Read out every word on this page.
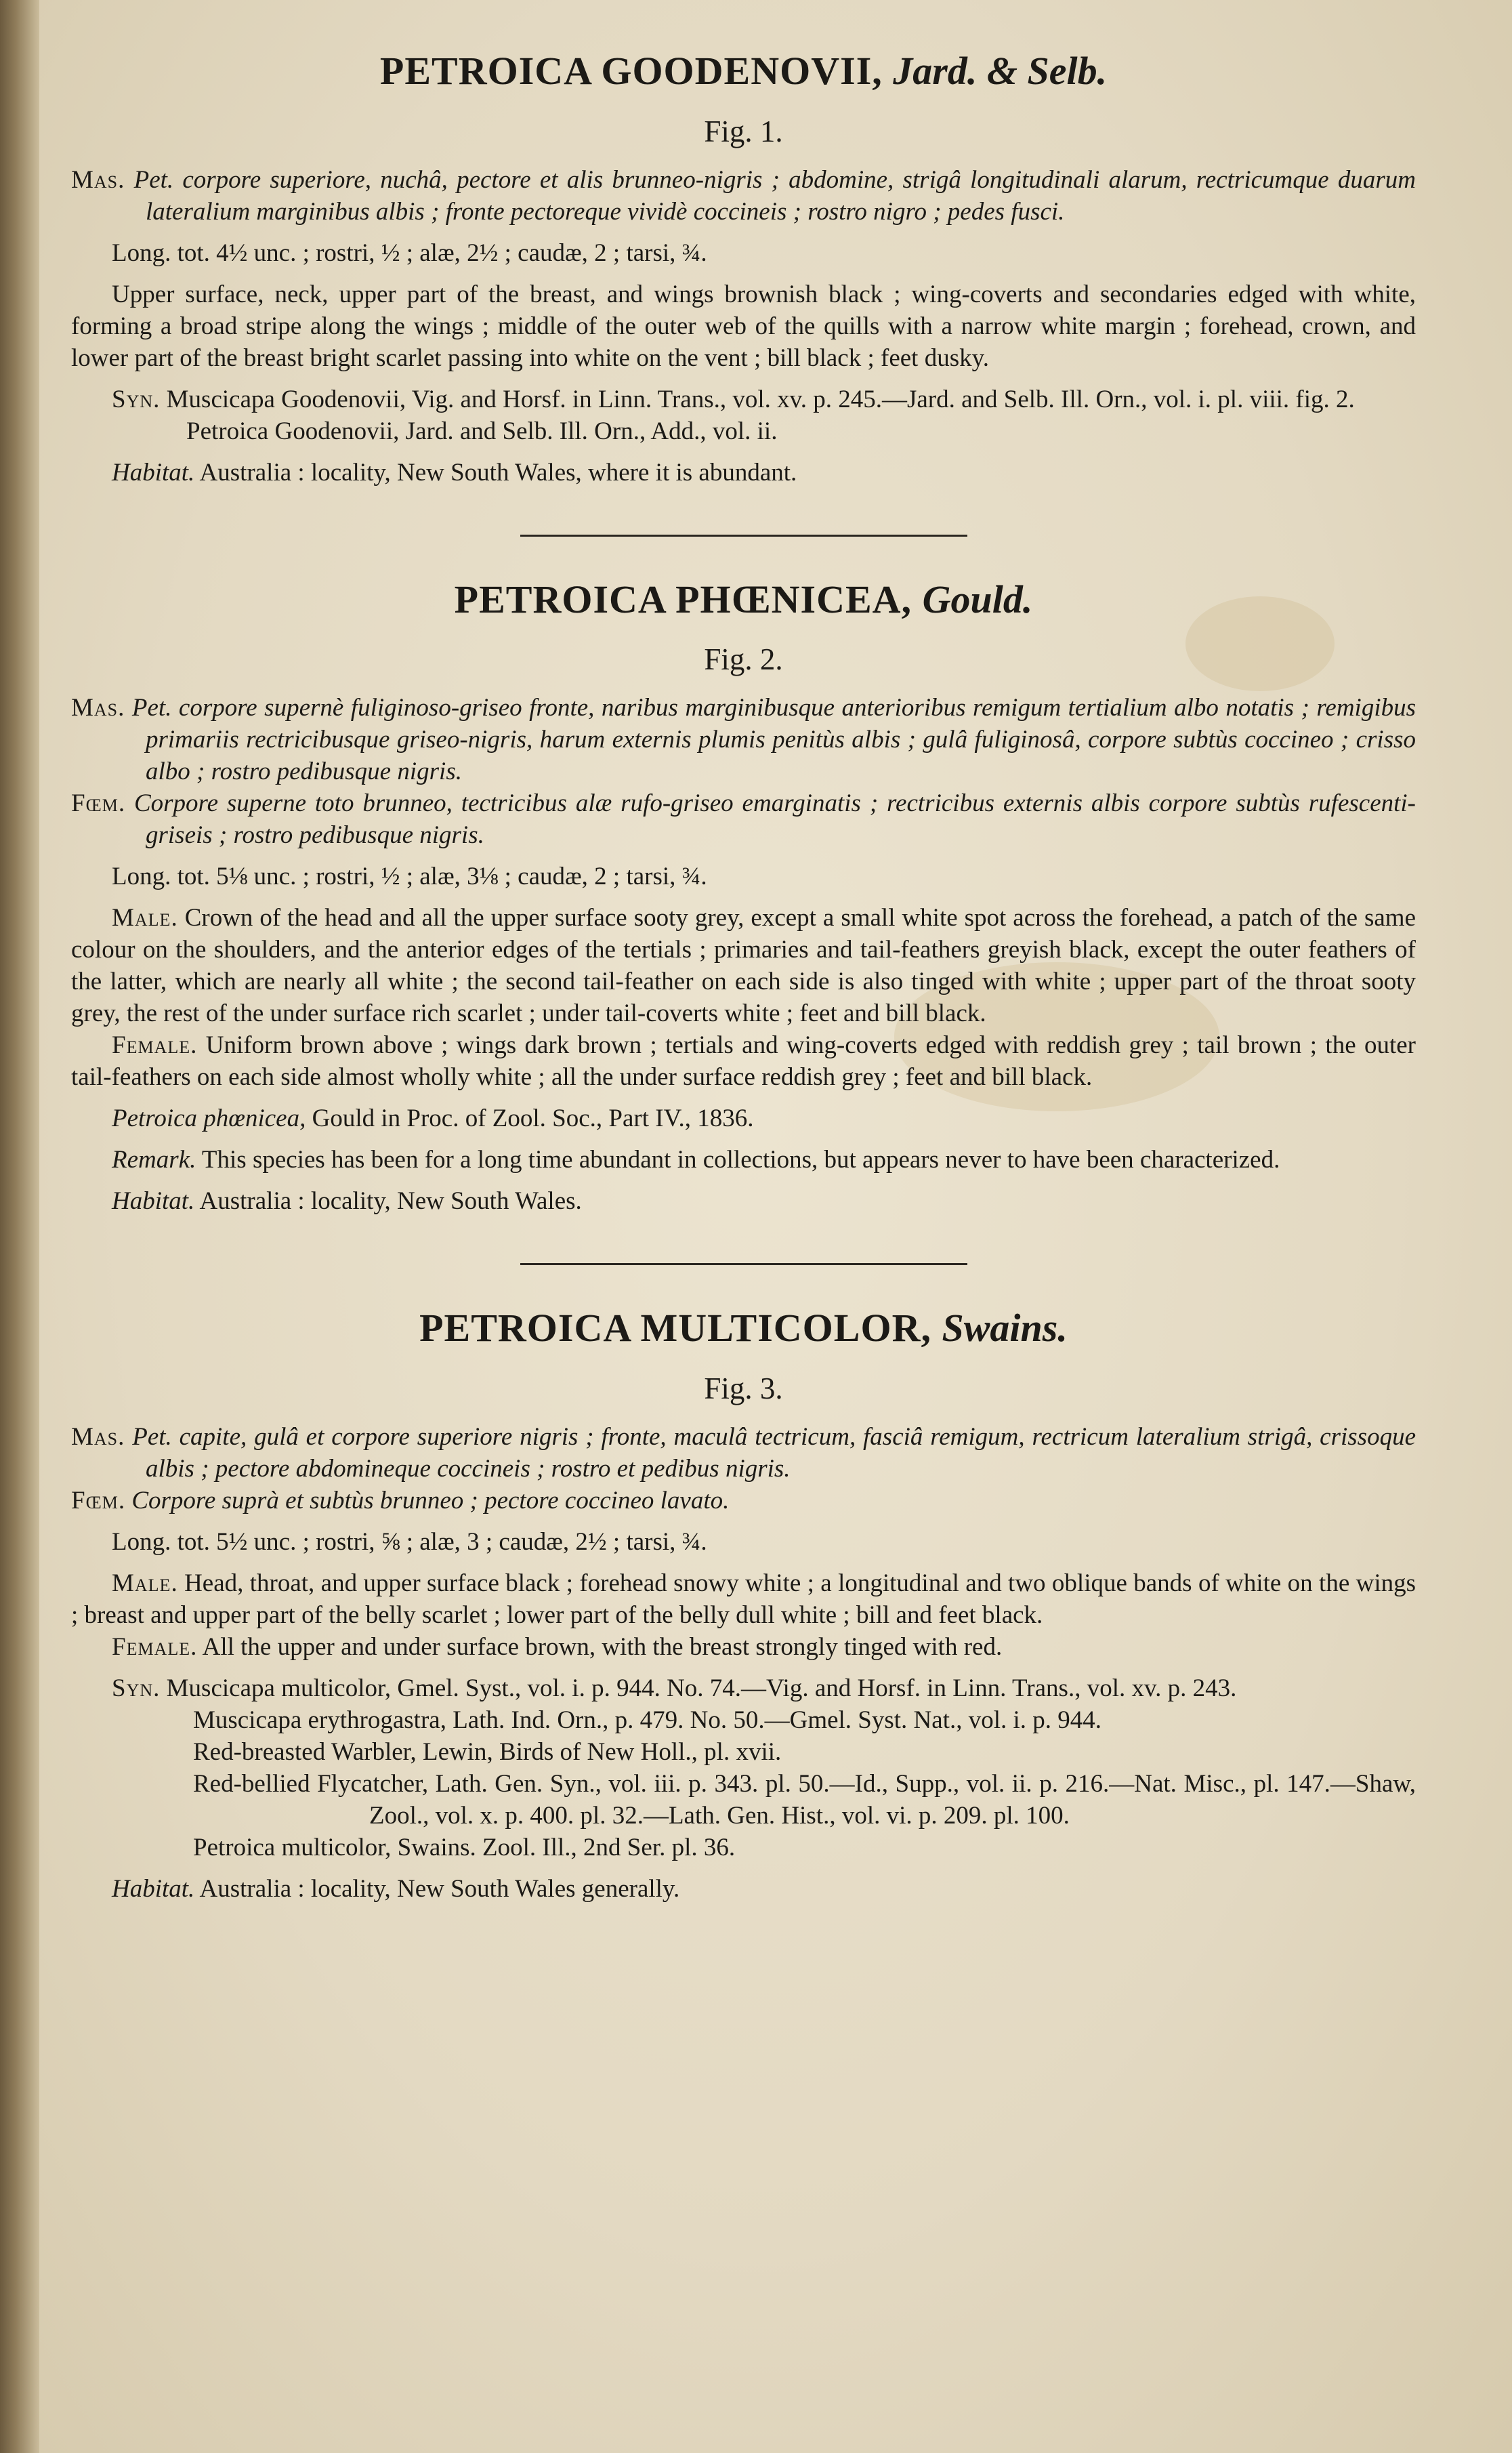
PETROICA GOODENOVII, Jard. & Selb.
Fig. 1.

Mas. Pet. corpore superiore, nuchâ, pectore et alis brunneo-nigris ; abdomine, strigâ longitudinali alarum, rectricumque duarum lateralium marginibus albis ; fronte pectoreque vividè coccineis ; rostro nigro ; pedes fusci.

Long. tot. 4½ unc. ; rostri, ½ ; alæ, 2½ ; caudæ, 2 ; tarsi, ¾.

Upper surface, neck, upper part of the breast, and wings brownish black ; wing-coverts and secondaries edged with white, forming a broad stripe along the wings ; middle of the outer web of the quills with a narrow white margin ; forehead, crown, and lower part of the breast bright scarlet passing into white on the vent ; bill black ; feet dusky.

Syn. Muscicapa Goodenovii, Vig. and Horsf. in Linn. Trans., vol. xv. p. 245.—Jard. and Selb. Ill. Orn., vol. i. pl. viii. fig. 2.

Petroica Goodenovii, Jard. and Selb. Ill. Orn., Add., vol. ii.

Habitat. Australia : locality, New South Wales, where it is abundant.

PETROICA PHŒNICEA, Gould.
Fig. 2.

Mas. Pet. corpore supernè fuliginoso-griseo fronte, naribus marginibusque anterioribus remigum tertialium albo notatis ; remigibus primariis rectricibusque griseo-nigris, harum externis plumis penitùs albis ; gulâ fuliginosâ, corpore subtùs coccineo ; crisso albo ; rostro pedibusque nigris.

Fœm. Corpore superne toto brunneo, tectricibus alæ rufo-griseo emarginatis ; rectricibus externis albis corpore subtùs rufescenti-griseis ; rostro pedibusque nigris.

Long. tot. 5⅛ unc. ; rostri, ½ ; alæ, 3⅛ ; caudæ, 2 ; tarsi, ¾.

Male. Crown of the head and all the upper surface sooty grey, except a small white spot across the forehead, a patch of the same colour on the shoulders, and the anterior edges of the tertials ; primaries and tail-feathers greyish black, except the outer feathers of the latter, which are nearly all white ; the second tail-feather on each side is also tinged with white ; upper part of the throat sooty grey, the rest of the under surface rich scarlet ; under tail-coverts white ; feet and bill black.

Female. Uniform brown above ; wings dark brown ; tertials and wing-coverts edged with reddish grey ; tail brown ; the outer tail-feathers on each side almost wholly white ; all the under surface reddish grey ; feet and bill black.

Petroica phœnicea, Gould in Proc. of Zool. Soc., Part IV., 1836.

Remark. This species has been for a long time abundant in collections, but appears never to have been characterized.

Habitat. Australia : locality, New South Wales.

PETROICA MULTICOLOR, Swains.
Fig. 3.

Mas. Pet. capite, gulâ et corpore superiore nigris ; fronte, maculâ tectricum, fasciâ remigum, rectricum lateralium strigâ, crissoque albis ; pectore abdomineque coccineis ; rostro et pedibus nigris.

Fœm. Corpore suprà et subtùs brunneo ; pectore coccineo lavato.

Long. tot. 5½ unc. ; rostri, ⅝ ; alæ, 3 ; caudæ, 2½ ; tarsi, ¾.

Male. Head, throat, and upper surface black ; forehead snowy white ; a longitudinal and two oblique bands of white on the wings ; breast and upper part of the belly scarlet ; lower part of the belly dull white ; bill and feet black.

Female. All the upper and under surface brown, with the breast strongly tinged with red.

Syn. Muscicapa multicolor, Gmel. Syst., vol. i. p. 944. No. 74.—Vig. and Horsf. in Linn. Trans., vol. xv. p. 243.

Muscicapa erythrogastra, Lath. Ind. Orn., p. 479. No. 50.—Gmel. Syst. Nat., vol. i. p. 944.

Red-breasted Warbler, Lewin, Birds of New Holl., pl. xvii.

Red-bellied Flycatcher, Lath. Gen. Syn., vol. iii. p. 343. pl. 50.—Id., Supp., vol. ii. p. 216.—Nat. Misc., pl. 147.—Shaw, Zool., vol. x. p. 400. pl. 32.—Lath. Gen. Hist., vol. vi. p. 209. pl. 100.

Petroica multicolor, Swains. Zool. Ill., 2nd Ser. pl. 36.

Habitat. Australia : locality, New South Wales generally.
